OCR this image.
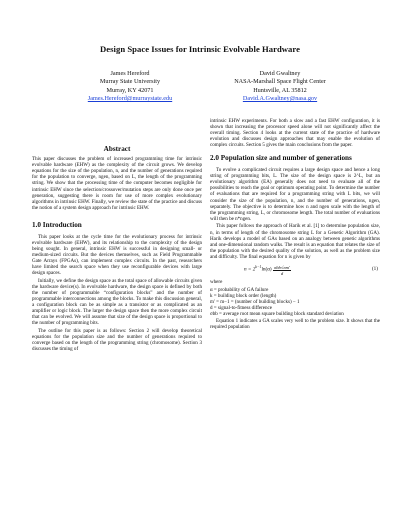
Design Space Issues for Intrinsic Evolvable Hardware
James Hereford
Murray State University
Murray, KY 42071
James.Hereford@murraystate.edu
David Gwaltney
NASA-Marshall Space Flight Center
Huntsville, AL 35812
David.A.Gwaltney@nasa.gov
Abstract

This paper discusses the problem of increased programming time for intrinsic evolvable hardware (EHW) as the complexity of the circuit grows. We develop equations for the size of the population, n, and the number of generations required for the population to converge, ngen, based on L, the length of the programming string. We show that the processing time of the computer becomes negligible for intrinsic EHW since the selection/crossover/mutation steps are only done once per generation, suggesting there is room for use of more complex evolutionary algorithms in intrinsic EHW. Finally, we review the state of the practice and discuss the notion of a system design approach for intrinsic EHW.

1.0 Introduction

This paper looks at the cycle time for the evolutionary process for intrinsic evolvable hardware (EHW), and its relationship to the complexity of the design being sought. In general, intrinsic EHW is successful in designing small- or medium-sized circuits. But the devices themselves, such as Field Programmable Gate Arrays (FPGAs), can implement complex circuits. In the past, researchers have limited the search space when they use reconfigurable devices with large design spaces.

Initially, we define the design space as the total space of allowable circuits given the hardware device(s). In evolvable hardware, the design space is defined by both the number of programmable “configuration blocks” and the number of programmable interconnections among the blocks. To make this discussion general, a configuration block can be as simple as a transistor or as complicated as an amplifier or logic block. The larger the design space then the more complex circuit that can be evolved. We will assume that size of the design space is proportional to the number of programming bits.

The outline for this paper is as follows: Section 2 will develop theoretical equations for the population size and the number of generations required to converge based on the length of the programming string (chromosome). Section 3 discusses the timing of

intrinsic EHW experiments. For both a slow and a fast EHW configuration, it is shown that increasing the processor speed alone will not significantly affect the overall timing. Section 4 looks at the current state of the practice of hardware evolution and discusses design approaches that may enable the evolution of complex circuits. Section 5 gives the main conclusions from the paper.

2.0 Population size and number of generations

To evolve a complicated circuit requires a large design space and hence a long string of programming bits, L. The size of the design space is 2^L, but an evolutionary algorithm (EA) generally does not need to evaluate all of the possibilities to reach the goal or optimum operating point. To determine the number of evaluations that are required for a programming string with L bits, we will consider the size of the population, n, and the number of generations, ngen, separately. The objective is to determine how n and ngen scale with the length of the programming string, L, or chromosome length. The total number of evaluations will then be n*ngen.

This paper follows the approach of Harik et al. [1] to determine population size, n, in terms of length of the chromosome string L for a Genetic Algorithm (GA). Harik develops a model of GAs based on an analogy between genetic algorithms and one-dimensional random walks. The result is an equation that relates the size of the population with the desired quality of the solution, as well as the problem size and difficulty. The final equation for n is given by

$n = 2^{k-1}\ln(\alpha) \frac{\text{σbb√πm'}}{d}$	(1)

where

α = probability of GA failure
k = building block order (length)
m' = m−1 = (number of building blocks) − 1
d = signal-to-fitness difference
σbb = average root mean square building block standard deviation

Equation 1 indicates a GA scales very well to the problem size. It shows that the required population
